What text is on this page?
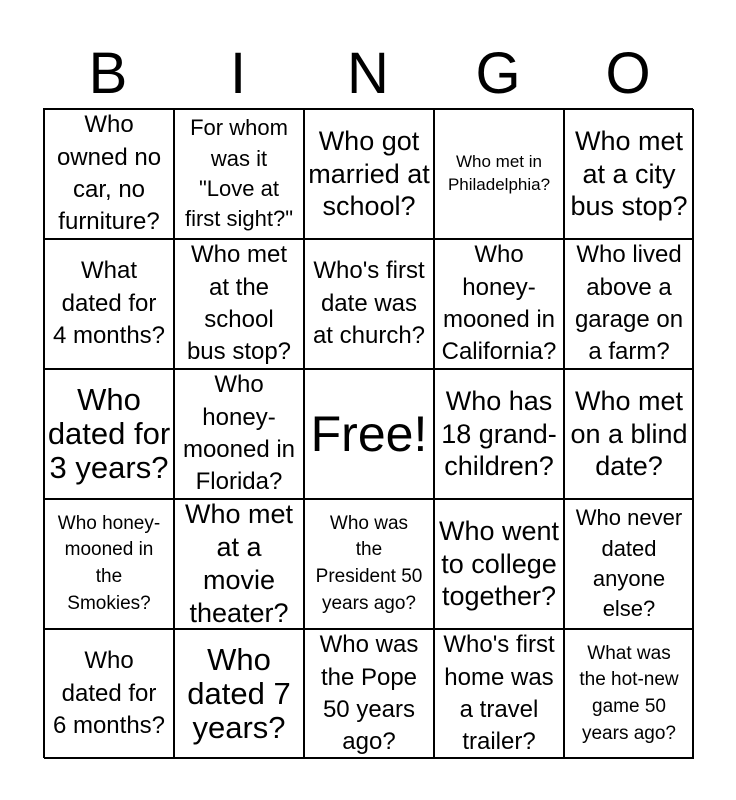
B	I	N	G	O
Who
owned no
car, no
furniture?
For whom
was it
"Love at
first sight?"
Who got
married at
school?
Who met in
Philadelphia?
Who met
at a city
bus stop?
What
dated for
4 months?
Who met
at the
school
bus stop?
Who's first
date was
at church?
Who
honey-
mooned in
California?
Who lived
above a
garage on
a farm?
Who
dated for
3 years?
Who
honey-
mooned in
Florida?
Free!
Who has
18 grand-
children?
Who met
on a blind
date?
Who honey-
mooned in
the
Smokies?
Who met
at a movie
theater?
Who was
the
President 50
years ago?
Who went
to college
together?
Who never
dated
anyone
else?
Who
dated for
6 months?
Who
dated 7
years?
Who was
the Pope
50 years
ago?
Who's first
home was
a travel
trailer?
What was
the hot-new
game 50
years ago?
